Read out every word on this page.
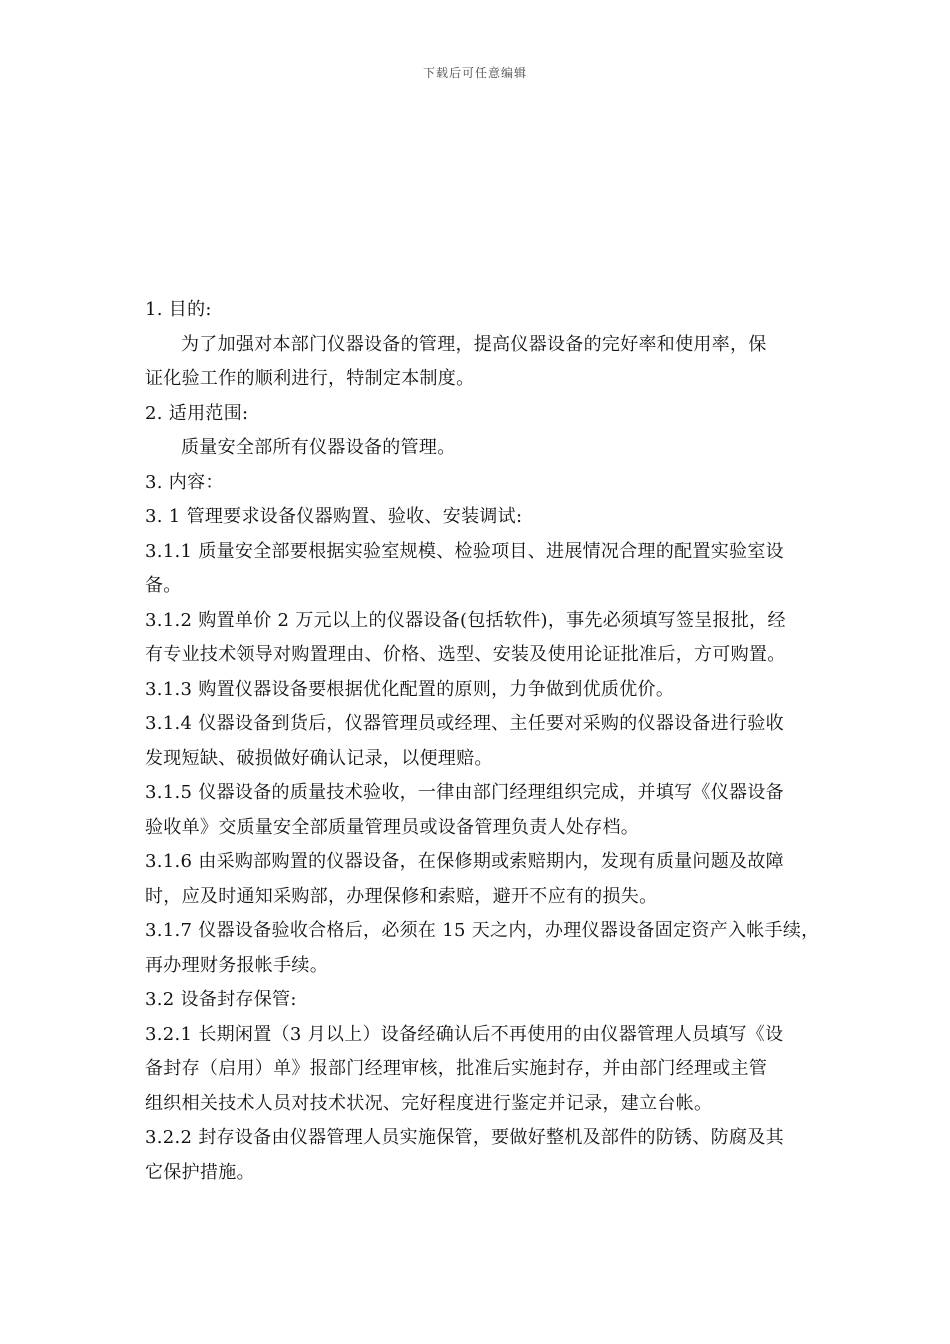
下载后可任意编辑
1. 目的:
为了加强对本部门仪器设备的管理，提高仪器设备的完好率和使用率，保
证化验工作的顺利进行，特制定本制度。
2. 适用范围:
质量安全部所有仪器设备的管理。
3. 内容：
3. 1 管理要求设备仪器购置、验收、安装调试:
3.1.1 质量安全部要根据实验室规模、检验项目、进展情况合理的配置实验室设
备。
3.1.2 购置单价 2 万元以上的仪器设备(包括软件)，事先必须填写签呈报批，经
有专业技术领导对购置理由、价格、选型、安装及使用论证批准后，方可购置。
3.1.3 购置仪器设备要根据优化配置的原则，力争做到优质优价。
3.1.4 仪器设备到货后，仪器管理员或经理、主任要对采购的仪器设备进行验收
发现短缺、破损做好确认记录，以便理赔。
3.1.5 仪器设备的质量技术验收，一律由部门经理组织完成，并填写《仪器设备
验收单》交质量安全部质量管理员或设备管理负责人处存档。
3.1.6 由采购部购置的仪器设备，在保修期或索赔期内，发现有质量问题及故障
时，应及时通知采购部，办理保修和索赔，避开不应有的损失。
3.1.7 仪器设备验收合格后，必须在 15 天之内，办理仪器设备固定资产入帐手续，
再办理财务报帐手续。
3.2 设备封存保管:
3.2.1 长期闲置（3 月以上）设备经确认后不再使用的由仪器管理人员填写《设
备封存（启用）单》报部门经理审核，批准后实施封存，并由部门经理或主管
组织相关技术人员对技术状况、完好程度进行鉴定并记录，建立台帐。
3.2.2 封存设备由仪器管理人员实施保管，要做好整机及部件的防锈、防腐及其
它保护措施。
